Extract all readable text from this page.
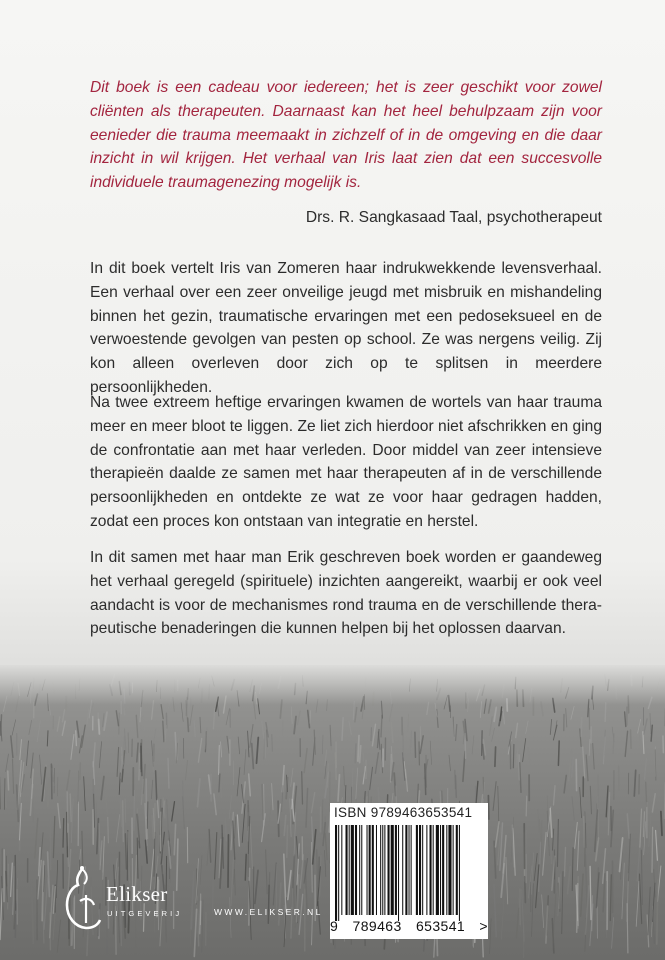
Dit boek is een cadeau voor iedereen; het is zeer geschikt voor zowel cliënten als therapeuten. Daarnaast kan het heel behulpzaam zijn voor eenieder die trauma meemaakt in zichzelf of in de omgeving en die daar inzicht in wil krijgen. Het verhaal van Iris laat zien dat een succesvolle individuele traumagenezing mogelijk is.

Drs. R. Sangkasaad Taal, psychotherapeut

In dit boek vertelt Iris van Zomeren haar indrukwekkende levensverhaal. Een verhaal over een zeer onveilige jeugd met misbruik en mishandeling binnen het gezin, traumatische ervaringen met een pedoseksueel en de verwoestende gevolgen van pesten op school. Ze was nergens veilig. Zij kon alleen overleven door zich op te splitsen in meerdere persoonlijkheden.

Na twee extreem heftige ervaringen kwamen de wortels van haar trauma meer en meer bloot te liggen. Ze liet zich hierdoor niet afschrikken en ging de confrontatie aan met haar verleden. Door middel van zeer intensieve therapieën daalde ze samen met haar therapeuten af in de verschillende persoonlijkheden en ontdekte ze wat ze voor haar gedragen hadden, zodat een proces kon ontstaan van integratie en herstel.

In dit samen met haar man Erik geschreven boek worden er gaandeweg het verhaal geregeld (spirituele) inzichten aangereikt, waarbij er ook veel aandacht is voor de mechanismes rond trauma en de verschillende therapeutische benaderingen die kunnen helpen bij het oplossen daarvan.

Elikser
UITGEVERIJ	WWW.ELIKSER.NL
ISBN 9789463653541
9 789463 653541 >
